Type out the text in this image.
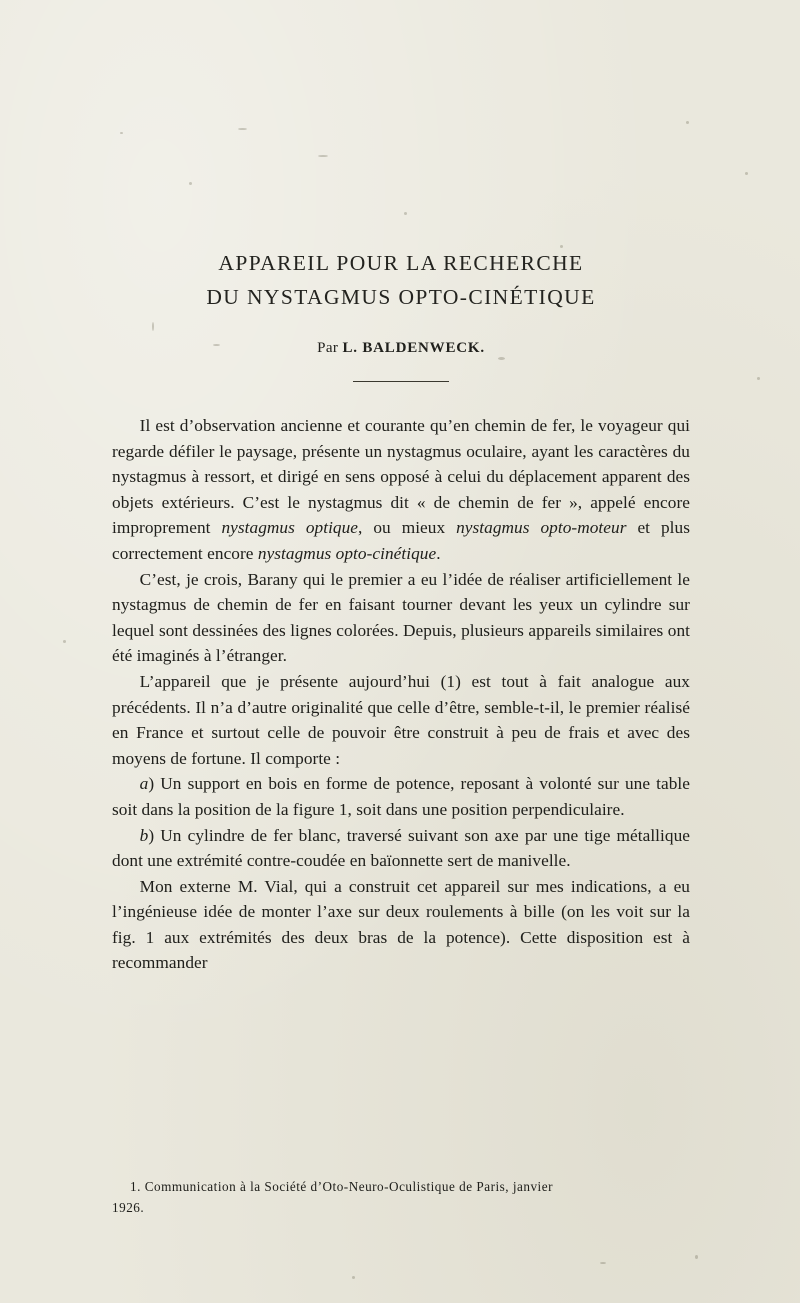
APPAREIL POUR LA RECHERCHE
DU NYSTAGMUS OPTO-CINÉTIQUE
Par L. BALDENWECK.

Il est d’observation ancienne et courante qu’en chemin de fer, le voyageur qui regarde défiler le paysage, présente un nystagmus oculaire, ayant les caractères du nystagmus à ressort, et dirigé en sens opposé à celui du déplacement apparent des objets extérieurs. C’est le nystagmus dit « de chemin de fer », appelé encore improprement nystagmus optique, ou mieux nystagmus opto-moteur et plus correctement encore nystagmus opto-cinétique.

C’est, je crois, Barany qui le premier a eu l’idée de réaliser artificiellement le nystagmus de chemin de fer en faisant tourner devant les yeux un cylindre sur lequel sont dessinées des lignes colorées. Depuis, plusieurs appareils similaires ont été imaginés à l’étranger.

L’appareil que je présente aujourd’hui (1) est tout à fait analogue aux précédents. Il n’a d’autre originalité que celle d’être, semble-t-il, le premier réalisé en France et surtout celle de pouvoir être construit à peu de frais et avec des moyens de fortune. Il comporte :

a) Un support en bois en forme de potence, reposant à volonté sur une table soit dans la position de la figure 1, soit dans une position perpendiculaire.

b) Un cylindre de fer blanc, traversé suivant son axe par une tige métallique dont une extrémité contre-coudée en baïonnette sert de manivelle.

Mon externe M. Vial, qui a construit cet appareil sur mes indications, a eu l’ingénieuse idée de monter l’axe sur deux roulements à bille (on les voit sur la fig. 1 aux extrémités des deux bras de la potence). Cette disposition est à recommander

1. Communication à la Société d’Oto-Neuro-Oculistique de Paris, janvier
1926.
